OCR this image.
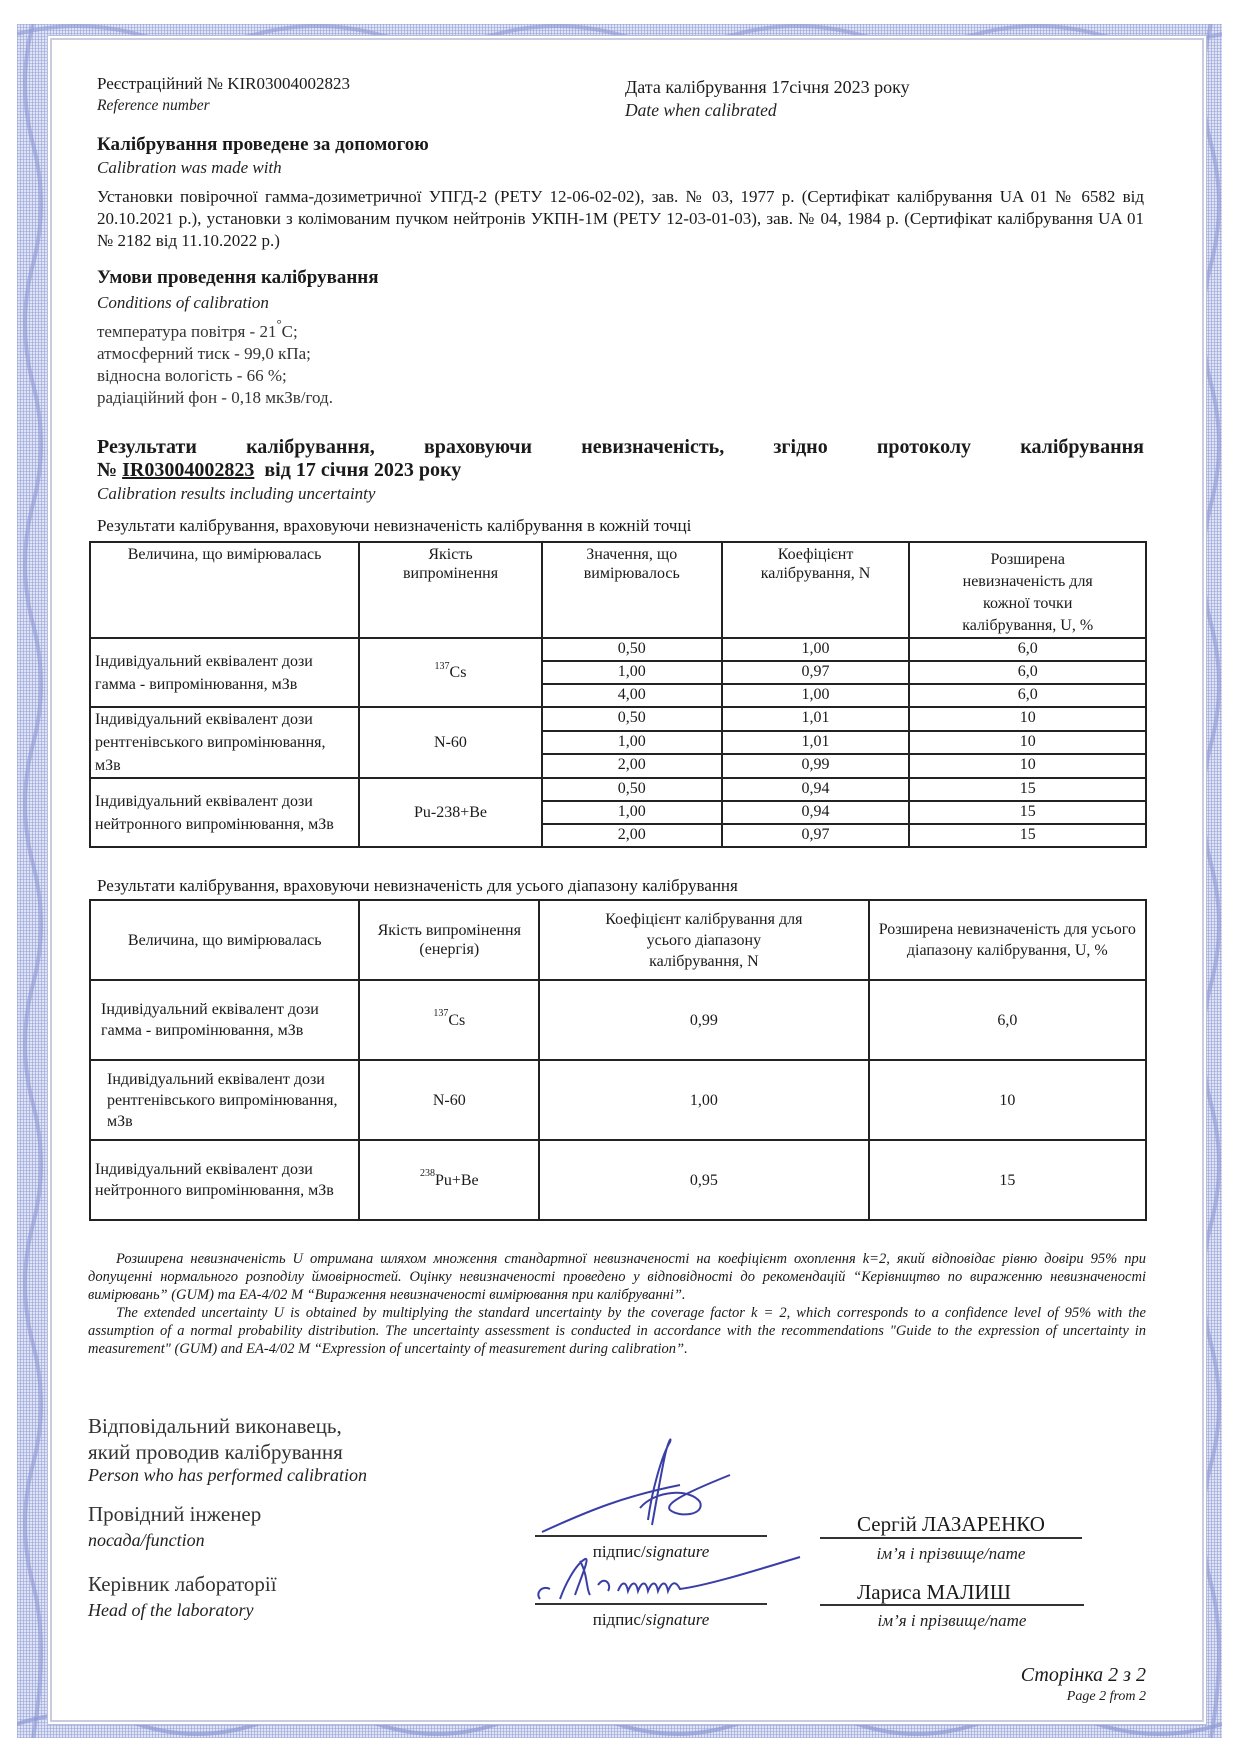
Реєстраційний № KIR03004002823
Reference number
Дата калібрування 17січня 2023 року
Date when calibrated
Калібрування проведене за допомогою
Calibration was made with
Установки повірочної гамма-дозиметричної УПГД-2 (РЕТУ 12-06-02-02), зав. № 03, 1977 р. (Сертифікат калібрування UA 01 № 6582 від 20.10.2021 р.), установки з колімованим пучком нейтронів УКПН-1М (РЕТУ 12-03-01-03), зав. № 04, 1984 р. (Сертифікат калібрування UA 01 № 2182 від 11.10.2022 р.)
Умови проведення калібрування
Conditions of calibration
температура повітря - 21°C;
атмосферний тиск - 99,0 кПа;
відносна вологість - 66 %;
радіаційний фон - 0,18 мкЗв/год.
Результати калібрування, враховуючи невизначеність, згідно протоколу калібрування
№ IR03004002823  від 17 січня 2023 року
Calibration results including uncertainty
Результати калібрування, враховуючи невизначеність калібрування в кожній точці
Величина, що вимірювалась	Якість випромінення	Значення, що вимірювалось	Коефіцієнт калібрування, N	Розширена невизначеність для кожної точки калібрування, U, %
Індивідуальний еквівалент дози гамма - випромінювання, мЗв	$^{137}$Cs	0,50	1,00	6,0
		1,00	0,97	6,0
		4,00	1,00	6,0
Індивідуальний еквівалент дози рентгенівського випромінювання, мЗв	N-60	0,50	1,01	10
		1,00	1,01	10
		2,00	0,99	10
Індивідуальний еквівалент дози нейтронного випромінювання, мЗв	Pu-238+Be	0,50	0,94	15
		1,00	0,94	15
		2,00	0,97	15
Результати калібрування, враховуючи невизначеність для усього діапазону калібрування
Величина, що вимірювалась	Якість випромінення (енергія)	Коефіцієнт калібрування для усього діапазону калібрування, N	Розширена невизначеність для усього діапазону калібрування, U, %
Індивідуальний еквівалент дози гамма - випромінювання, мЗв	$^{137}$Cs	0,99	6,0
Індивідуальний еквівалент дози рентгенівського випромінювання, мЗв	N-60	1,00	10
Індивідуальний еквівалент дози нейтронного випромінювання, мЗв	$^{238}$Pu+Be	0,95	15

Розширена невизначеність U отримана шляхом множення стандартної невизначеності на коефіцієнт охоплення k=2, який відповідає рівню довіри 95% при допущенні нормального розподілу ймовірностей. Оцінку невизначеності проведено у відповідності до рекомендацій “Керівництво по вираженню невизначеності вимірювань” (GUM) та EA-4/02 M “Вираження невизначеності вимірювання при калібруванні”.

The extended uncertainty U is obtained by multiplying the standard uncertainty by the coverage factor k = 2, which corresponds to a confidence level of 95% with the assumption of a normal probability distribution. The uncertainty assessment is conducted in accordance with the recommendations "Guide to the expression of uncertainty in measurement" (GUM) and EA-4/02 M “Expression of uncertainty of measurement during calibration”.

Відповідальний виконавець,
який проводив калібрування
Person who has performed calibration
Провідний інженер
посада/function
підпис/signature
Сергій ЛАЗАРЕНКО
ім’я і прізвище/name
Керівник лабораторії
Head of the laboratory	підпис/signature
Лариса МАЛИШ
ім’я і прізвище/name
Сторінка 2 з 2
Page 2 from 2
